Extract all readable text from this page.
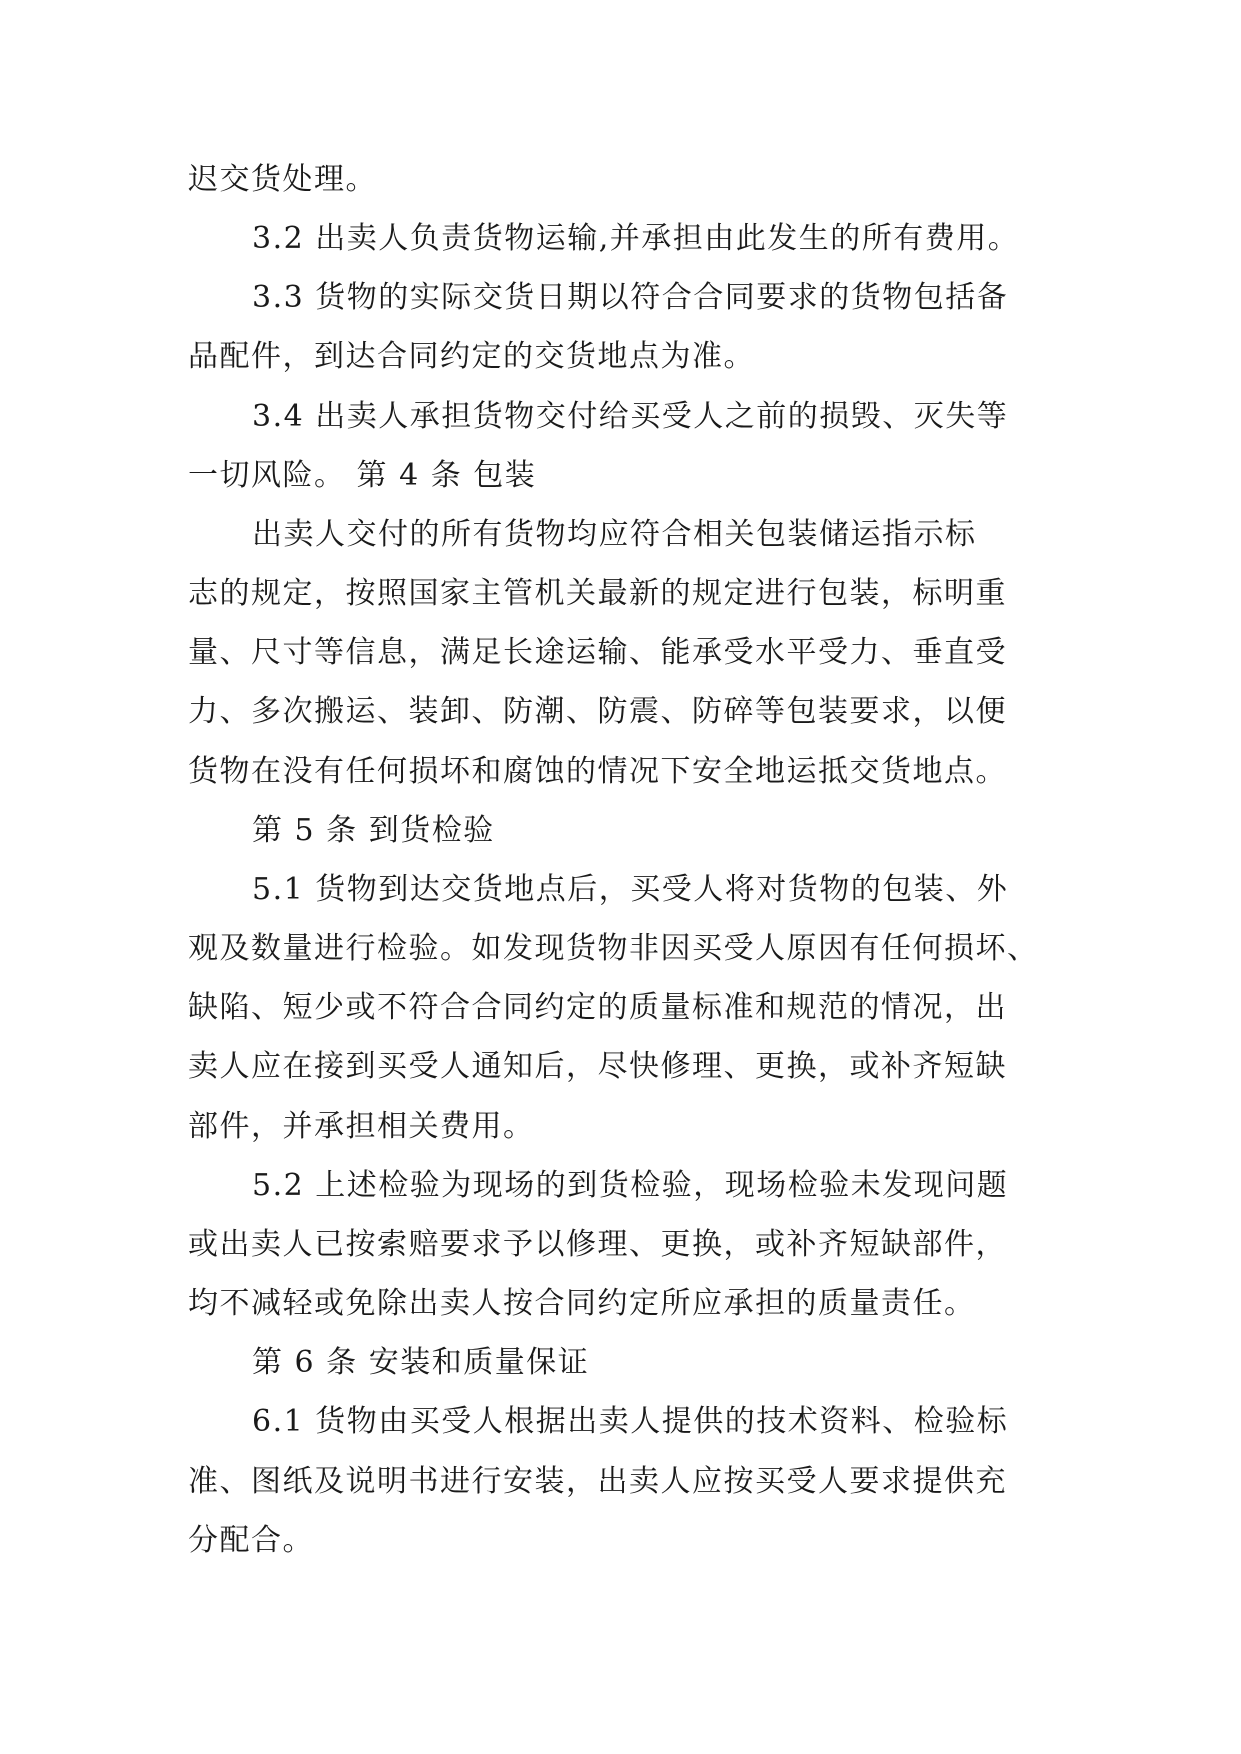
迟交货处理。
3.2 出卖人负责货物运输,并承担由此发生的所有费用。
3.3 货物的实际交货日期以符合合同要求的货物包括备
品配件，到达合同约定的交货地点为准。
3.4 出卖人承担货物交付给买受人之前的损毁、灭失等
一切风险。 第 4 条 包装
出卖人交付的所有货物均应符合相关包装储运指示标
志的规定，按照国家主管机关最新的规定进行包装，标明重
量、尺寸等信息，满足长途运输、能承受水平受力、垂直受
力、多次搬运、装卸、防潮、防震、防碎等包装要求，以便
货物在没有任何损坏和腐蚀的情况下安全地运抵交货地点。
第 5 条 到货检验
5.1 货物到达交货地点后，买受人将对货物的包装、外
观及数量进行检验。如发现货物非因买受人原因有任何损坏、
缺陷、短少或不符合合同约定的质量标准和规范的情况，出
卖人应在接到买受人通知后，尽快修理、更换，或补齐短缺
部件，并承担相关费用。
5.2 上述检验为现场的到货检验，现场检验未发现问题
或出卖人已按索赔要求予以修理、更换，或补齐短缺部件，
均不减轻或免除出卖人按合同约定所应承担的质量责任。
第 6 条 安装和质量保证
6.1 货物由买受人根据出卖人提供的技术资料、检验标
准、图纸及说明书进行安装，出卖人应按买受人要求提供充
分配合。
